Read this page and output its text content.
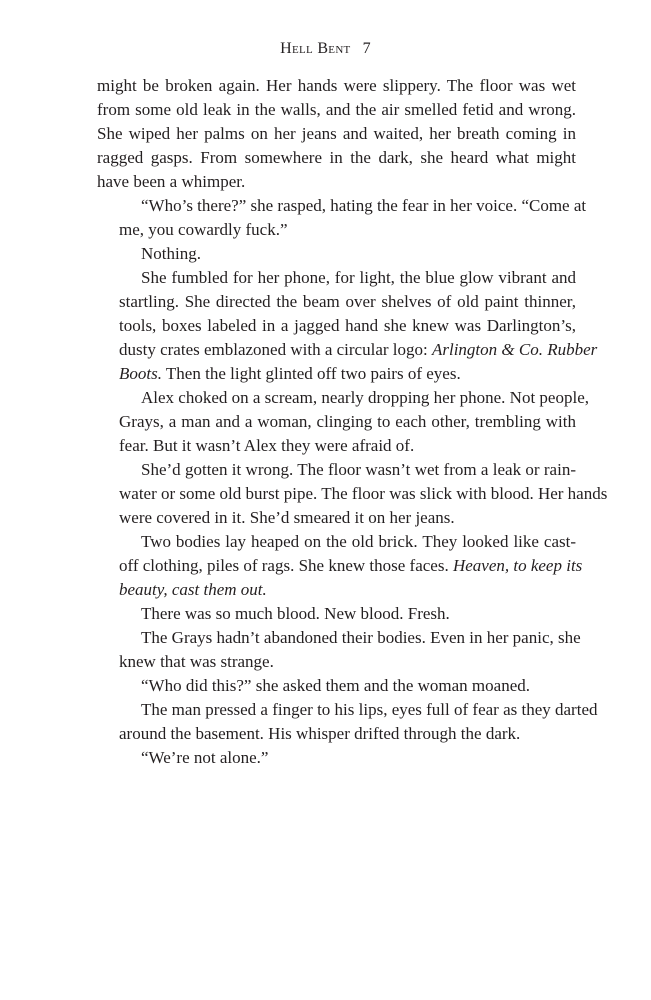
Hell Bent 7

might be broken again. Her hands were slippery. The floor was wet
from some old leak in the walls, and the air smelled fetid and wrong.
She wiped her palms on her jeans and waited, her breath coming in
ragged gasps. From somewhere in the dark, she heard what might
have been a whimper.

“Who’s there?” she rasped, hating the fear in her voice. “Come at
me, you cowardly fuck.”

Nothing.

She fumbled for her phone, for light, the blue glow vibrant and
startling. She directed the beam over shelves of old paint thinner,
tools, boxes labeled in a jagged hand she knew was Darlington’s,
dusty crates emblazoned with a circular logo: Arlington & Co. Rubber
Boots. Then the light glinted off two pairs of eyes.

Alex choked on a scream, nearly dropping her phone. Not people,
Grays, a man and a woman, clinging to each other, trembling with
fear. But it wasn’t Alex they were afraid of.

She’d gotten it wrong. The floor wasn’t wet from a leak or rain-
water or some old burst pipe. The floor was slick with blood. Her hands
were covered in it. She’d smeared it on her jeans.

Two bodies lay heaped on the old brick. They looked like cast-
off clothing, piles of rags. She knew those faces. Heaven, to keep its
beauty, cast them out.

There was so much blood. New blood. Fresh.

The Grays hadn’t abandoned their bodies. Even in her panic, she
knew that was strange.

“Who did this?” she asked them and the woman moaned.

The man pressed a finger to his lips, eyes full of fear as they darted
around the basement. His whisper drifted through the dark.

“We’re not alone.”
